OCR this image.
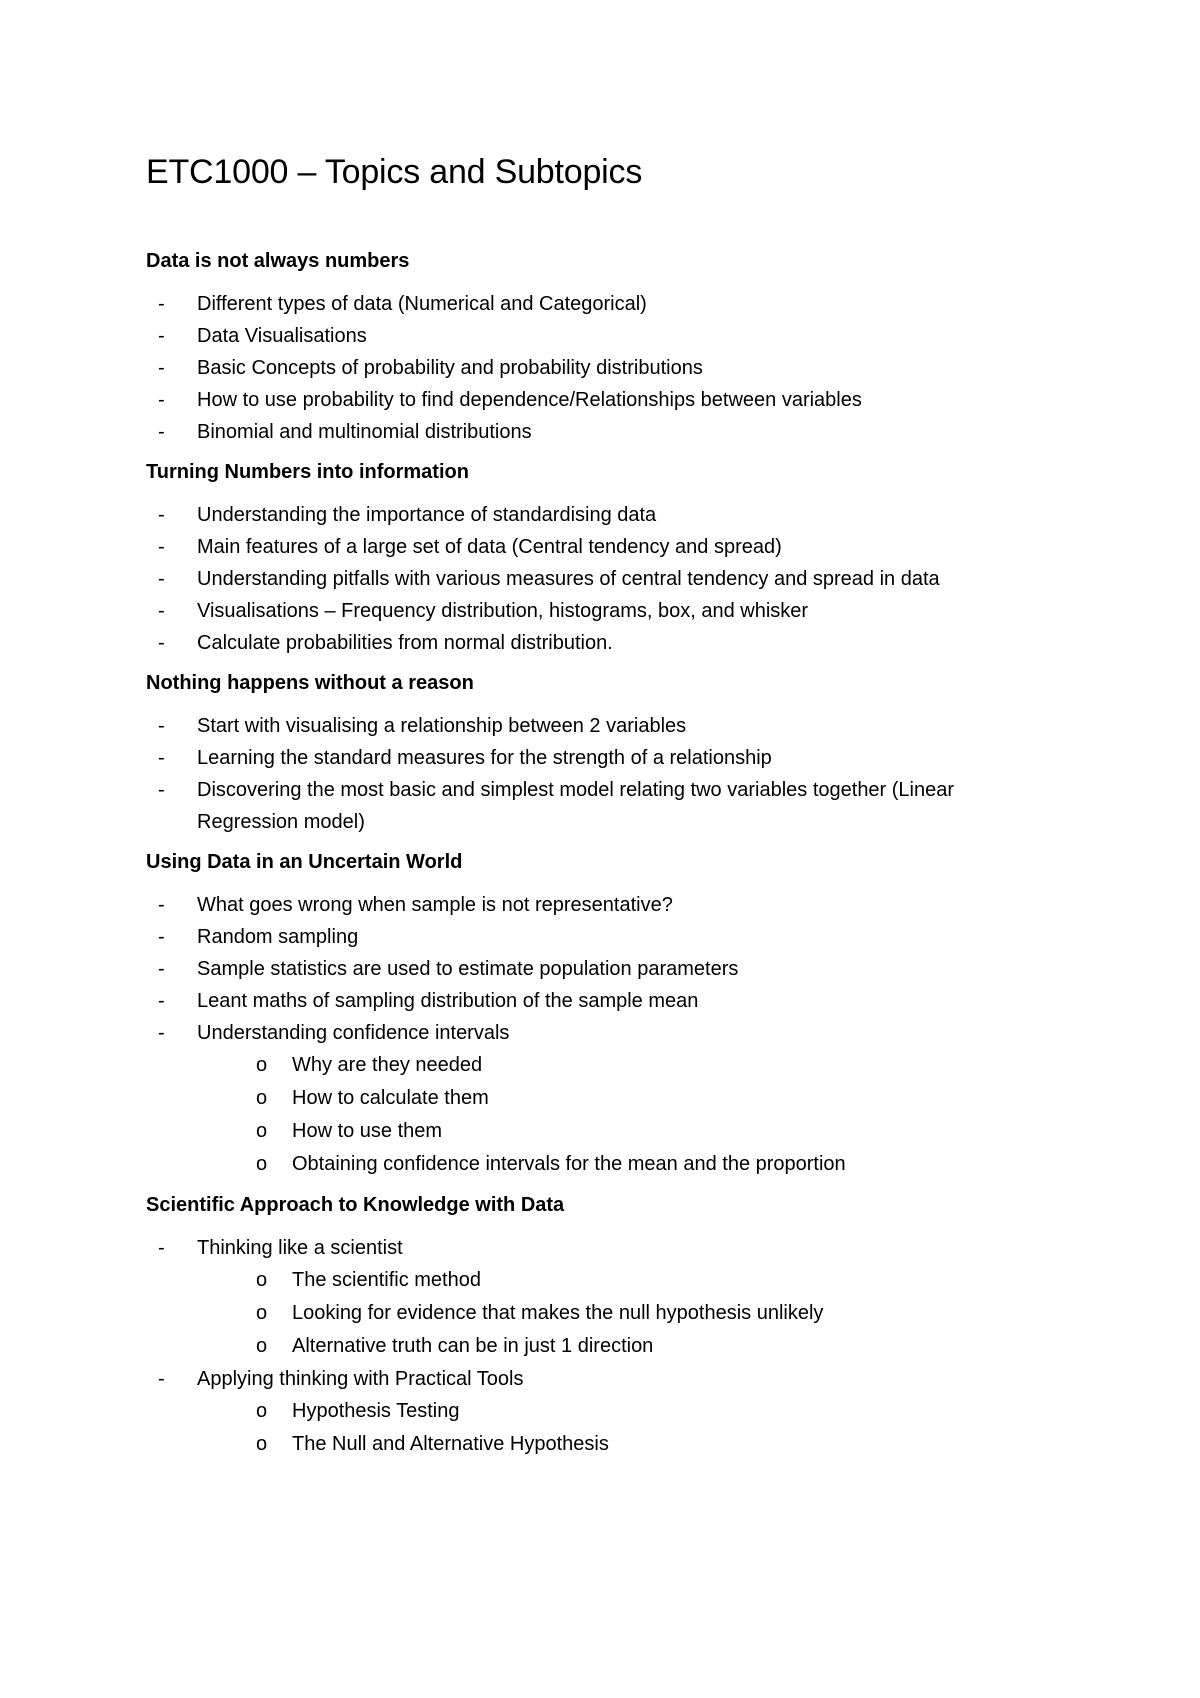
ETC1000 – Topics and Subtopics
Data is not always numbers
-	Different types of data (Numerical and Categorical)
-	Data Visualisations
-	Basic Concepts of probability and probability distributions
-	How to use probability to find dependence/Relationships between variables
-	Binomial and multinomial distributions
Turning Numbers into information
-	Understanding the importance of standardising data
-	Main features of a large set of data (Central tendency and spread)
-	Understanding pitfalls with various measures of central tendency and spread in data
-	Visualisations – Frequency distribution, histograms, box, and whisker
-	Calculate probabilities from normal distribution.
Nothing happens without a reason
-	Start with visualising a relationship between 2 variables
-	Learning the standard measures for the strength of a relationship
-	Discovering the most basic and simplest model relating two variables together (Linear Regression model)
Using Data in an Uncertain World
-	What goes wrong when sample is not representative?
-	Random sampling
-	Sample statistics are used to estimate population parameters
-	Leant maths of sampling distribution of the sample mean
-	Understanding confidence intervals
o Why are they needed
o How to calculate them
o How to use them
o Obtaining confidence intervals for the mean and the proportion
Scientific Approach to Knowledge with Data
-	Thinking like a scientist
o The scientific method
o Looking for evidence that makes the null hypothesis unlikely
o Alternative truth can be in just 1 direction
-	Applying thinking with Practical Tools
o Hypothesis Testing
o The Null and Alternative Hypothesis
